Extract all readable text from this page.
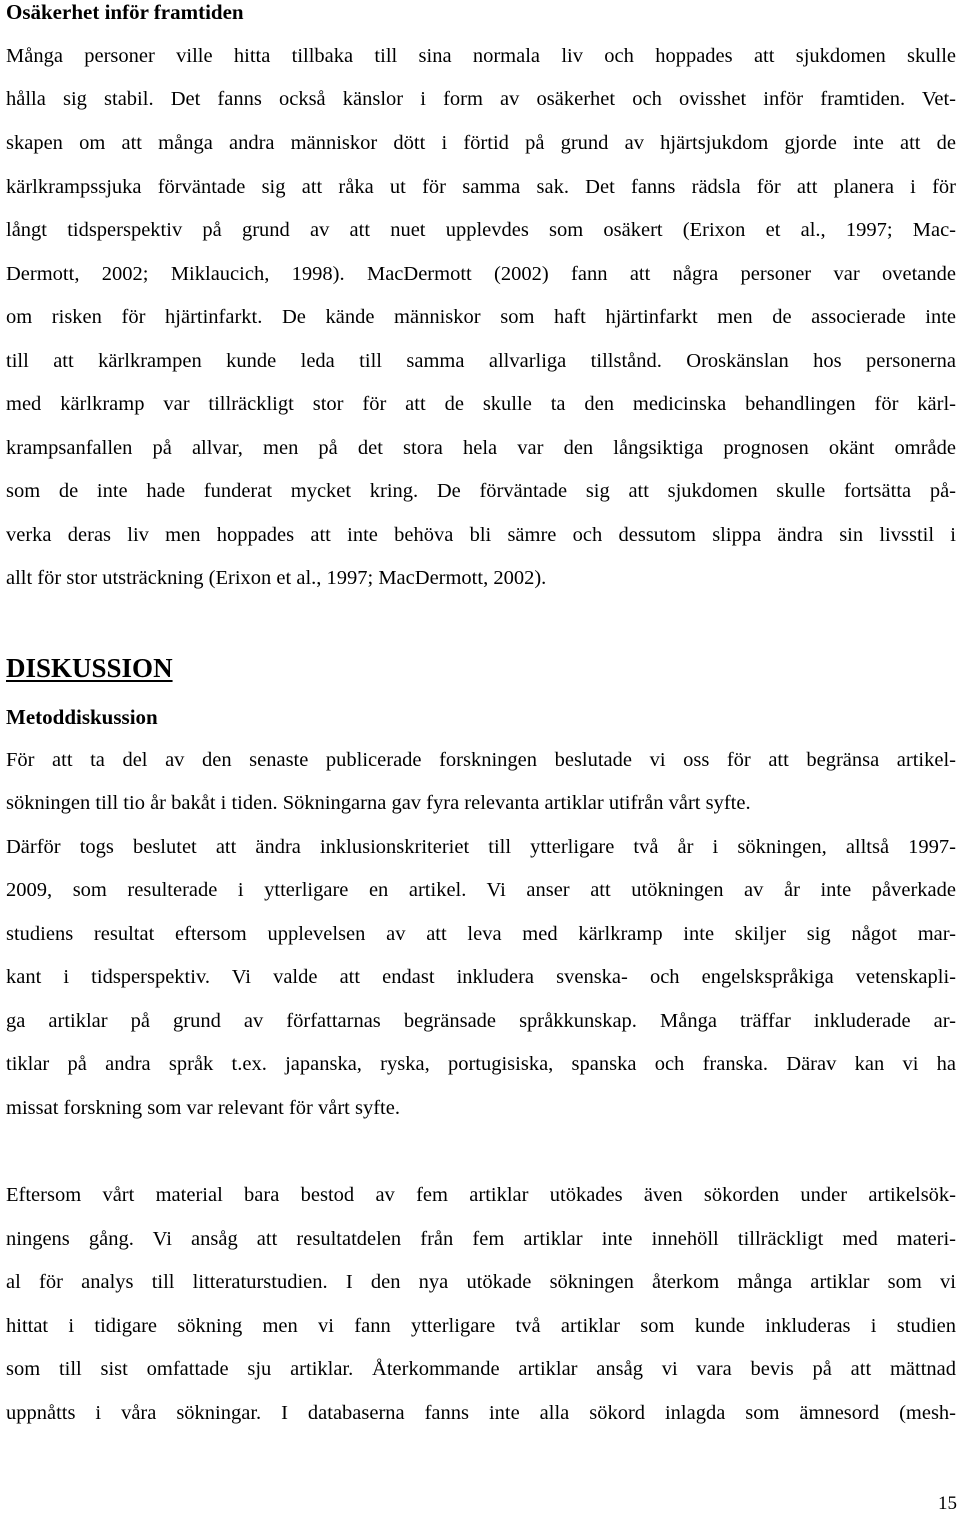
Osäkerhet inför framtiden
Många personer ville hitta tillbaka till sina normala liv och hoppades att sjukdomen skulle
hålla sig stabil. Det fanns också känslor i form av osäkerhet och ovisshet inför framtiden. Vet-
skapen om att många andra människor dött i förtid på grund av hjärtsjukdom gjorde inte att de
kärlkrampssjuka förväntade sig att råka ut för samma sak. Det fanns rädsla för att planera i för
långt tidsperspektiv på grund av att nuet upplevdes som osäkert (Erixon et al., 1997; Mac-
Dermott, 2002; Miklaucich, 1998). MacDermott (2002) fann att några personer var ovetande
om risken för hjärtinfarkt. De kände människor som haft hjärtinfarkt men de associerade inte
till att kärlkrampen kunde leda till samma allvarliga tillstånd. Oroskänslan hos personerna
med kärlkramp var tillräckligt stor för att de skulle ta den medicinska behandlingen för kärl-
krampsanfallen på allvar, men på det stora hela var den långsiktiga prognosen okänt område
som de inte hade funderat mycket kring. De förväntade sig att sjukdomen skulle fortsätta på-
verka deras liv men hoppades att inte behöva bli sämre och dessutom slippa ändra sin livsstil i
allt för stor utsträckning (Erixon et al., 1997; MacDermott, 2002).
DISKUSSION
Metoddiskussion
För att ta del av den senaste publicerade forskningen beslutade vi oss för att begränsa artikel-
sökningen till tio år bakåt i tiden. Sökningarna gav fyra relevanta artiklar utifrån vårt syfte.
Därför togs beslutet att ändra inklusionskriteriet till ytterligare två år i sökningen, alltså 1997-
2009, som resulterade i ytterligare en artikel. Vi anser att utökningen av år inte påverkade
studiens resultat eftersom upplevelsen av att leva med kärlkramp inte skiljer sig något mar-
kant i tidsperspektiv. Vi valde att endast inkludera svenska- och engelskspråkiga vetenskapli-
ga artiklar på grund av författarnas begränsade språkkunskap. Många träffar inkluderade ar-
tiklar på andra språk t.ex. japanska, ryska, portugisiska, spanska och franska. Därav kan vi ha
missat forskning som var relevant för vårt syfte.
Eftersom vårt material bara bestod av fem artiklar utökades även sökorden under artikelsök-
ningens gång. Vi ansåg att resultatdelen från fem artiklar inte innehöll tillräckligt med materi-
al för analys till litteraturstudien. I den nya utökade sökningen återkom många artiklar som vi
hittat i tidigare sökning men vi fann ytterligare två artiklar som kunde inkluderas i studien
som till sist omfattade sju artiklar. Återkommande artiklar ansåg vi vara bevis på att mättnad
uppnåtts i våra sökningar. I databaserna fanns inte alla sökord inlagda som ämnesord (mesh-
15
